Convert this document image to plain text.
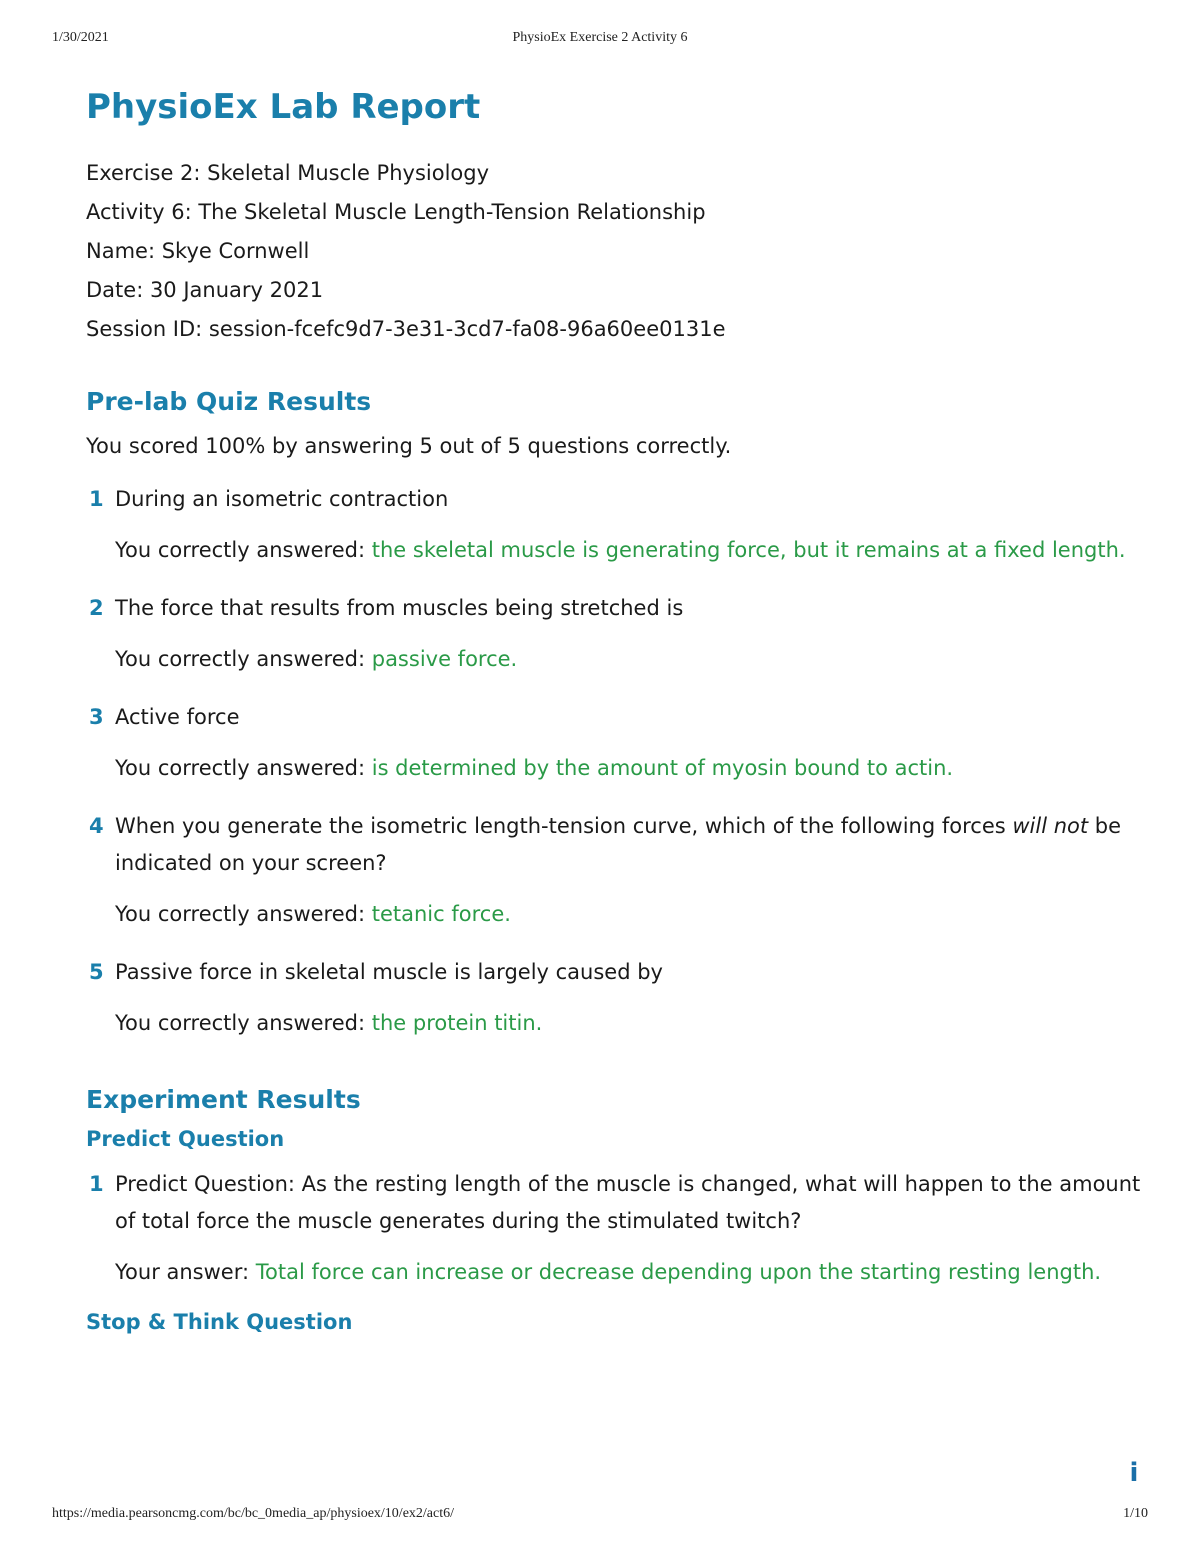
1/30/2021	PhysioEx Exercise 2 Activity 6
PhysioEx Lab Report
Exercise 2: Skeletal Muscle Physiology
Activity 6: The Skeletal Muscle Length-Tension Relationship
Name: Skye Cornwell
Date: 30 January 2021
Session ID: session-fcefc9d7-3e31-3cd7-fa08-96a60ee0131e
Pre-lab Quiz Results
You scored 100% by answering 5 out of 5 questions correctly.
1 During an isometric contraction
You correctly answered: the skeletal muscle is generating force, but it remains at a fixed length.
2 The force that results from muscles being stretched is
You correctly answered: passive force.
3 Active force
You correctly answered: is determined by the amount of myosin bound to actin.
4 When you generate the isometric length-tension curve, which of the following forces will not be indicated on your screen?
You correctly answered: tetanic force.
5 Passive force in skeletal muscle is largely caused by
You correctly answered: the protein titin.
Experiment Results
Predict Question
1 Predict Question: As the resting length of the muscle is changed, what will happen to the amount of total force the muscle generates during the stimulated twitch?
Your answer: Total force can increase or decrease depending upon the starting resting length.
Stop & Think Question
i
https://media.pearsoncmg.com/bc/bc_0media_ap/physioex/10/ex2/act6/	1/10
